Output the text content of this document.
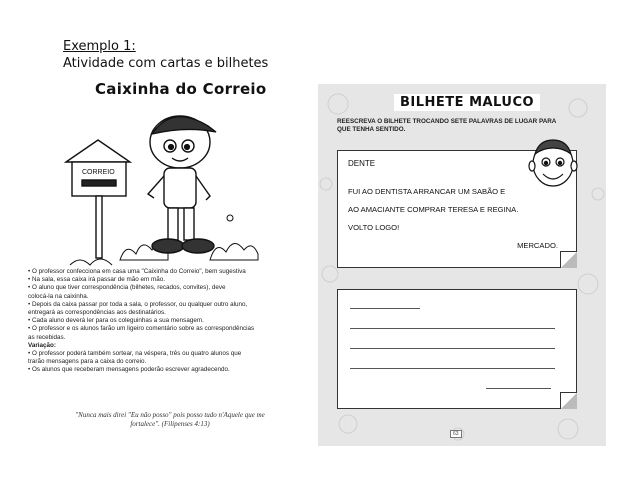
Exemplo 1:
Atividade com cartas e bilhetes
Caixinha do Correio
CORREIO
• O professor confecciona em casa uma "Caixinha do Correio", bem sugestiva
• Na sala, essa caixa irá passar de mão em mão.
• O aluno que tiver correspondência (bilhetes, recados, convites), deve
colocá-la na caixinha.
• Depois da caixa passar por toda a sala, o professor, ou qualquer outro aluno,
entregará as correspondências aos destinatários.
• Cada aluno deverá ler para os coleguinhas a sua mensagem.
• O professor e os alunos farão um ligeiro comentário sobre as correspondências
as recebidas.
Variação:
• O professor poderá também sortear, na véspera, três ou quatro alunos que
trarão mensagens para a caixa do correio.
• Os alunos que receberam mensagens poderão escrever agradecendo.
"Nunca mais direi "Eu não posso" pois posso tudo n'Aquele que me
fortalece". (Filipenses 4:13)
BILHETE MALUCO
REESCREVA O BILHETE TROCANDO SETE PALAVRAS DE LUGAR PARA
QUE TENHA SENTIDO.
DENTE
FUI AO DENTISTA ARRANCAR UM SABÃO E
AO AMACIANTE COMPRAR TERESA E REGINA.
VOLTO LOGO!
MERCADO.
63
